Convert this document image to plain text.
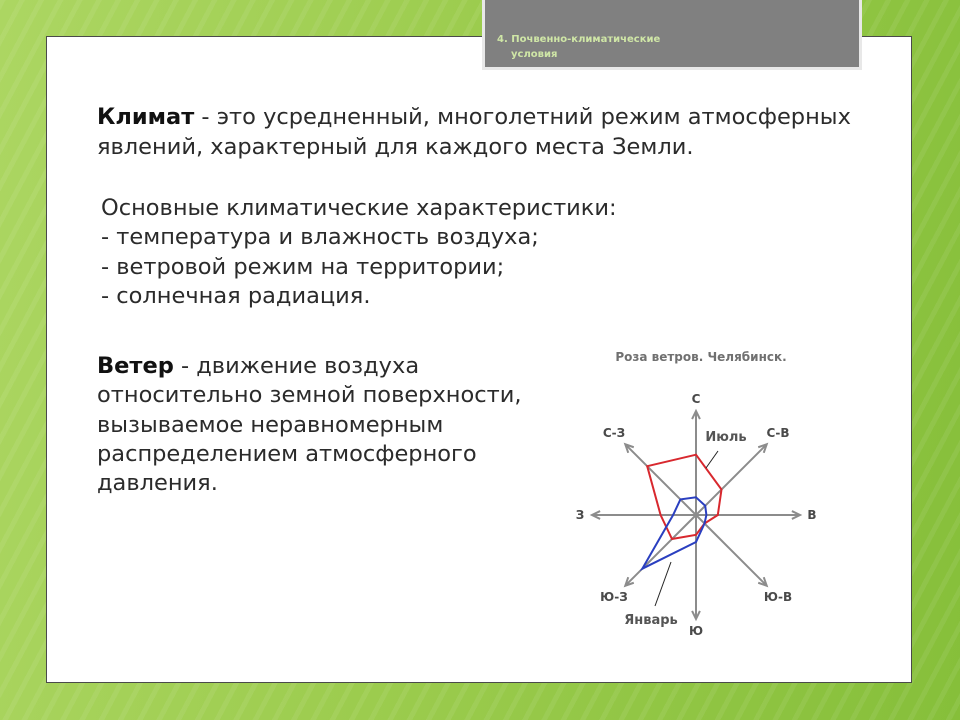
4. Почвенно-климатические условия
Климат - это усредненный, многолетний режим атмосферных
явлений, характерный для каждого места Земли.
Основные климатические характеристики:
- температура и влажность воздуха;
- ветровой режим на территории;
- солнечная радиация.
Ветер - движение воздуха
относительно земной поверхности,
вызываемое неравномерным
распределением атмосферного
давления.
Роза ветров. Челябинск.
Июль
Январь
С
С-В
В
Ю-В
Ю
Ю-З
З
С-З
